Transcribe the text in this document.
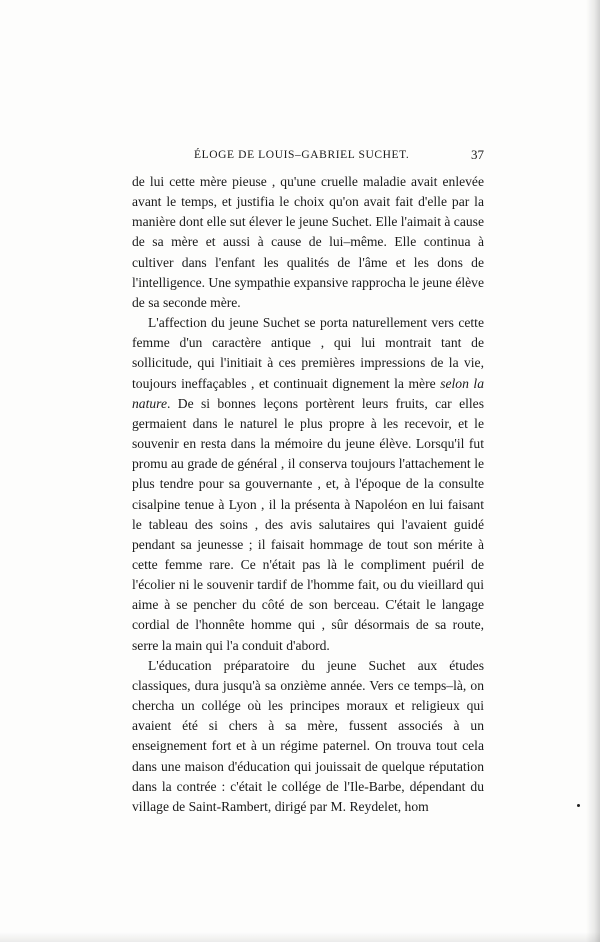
ÉLOGE DE LOUIS–GABRIEL SUCHET.	37

de lui cette mère pieuse , qu'une cruelle maladie avait enlevée avant le temps, et justifia le choix qu'on avait fait d'elle par la manière dont elle sut élever le jeune Suchet. Elle l'aimait à cause de sa mère et aussi à cause de lui–même. Elle continua à cultiver dans l'enfant les qualités de l'âme et les dons de l'intelligence. Une sympathie expansive rapprocha le jeune élève de sa seconde mère.

L'affection du jeune Suchet se porta naturellement vers cette femme d'un caractère antique , qui lui montrait tant de sollicitude, qui l'initiait à ces premières impressions de la vie, toujours ineffaçables , et continuait dignement la mère selon la nature. De si bonnes leçons portèrent leurs fruits, car elles germaient dans le naturel le plus propre à les recevoir, et le souvenir en resta dans la mémoire du jeune élève. Lorsqu'il fut promu au grade de général , il conserva toujours l'attachement le plus tendre pour sa gouvernante , et, à l'époque de la consulte cisalpine tenue à Lyon , il la présenta à Napoléon en lui faisant le tableau des soins , des avis salutaires qui l'avaient guidé pendant sa jeunesse ; il faisait hommage de tout son mérite à cette femme rare. Ce n'était pas là le compliment puéril de l'écolier ni le souvenir tardif de l'homme fait, ou du vieillard qui aime à se pencher du côté de son berceau. C'était le langage cordial de l'honnête homme qui , sûr désormais de sa route, serre la main qui l'a conduit d'abord.

L'éducation préparatoire du jeune Suchet aux études classiques, dura jusqu'à sa onzième année. Vers ce temps–là, on chercha un collége où les principes moraux et religieux qui avaient été si chers à sa mère, fussent associés à un enseignement fort et à un régime paternel. On trouva tout cela dans une maison d'éducation qui jouissait de quelque réputation dans la contrée : c'était le collége de l'Ile-Barbe, dépendant du village de Saint-Rambert, dirigé par M. Reydelet, hom
